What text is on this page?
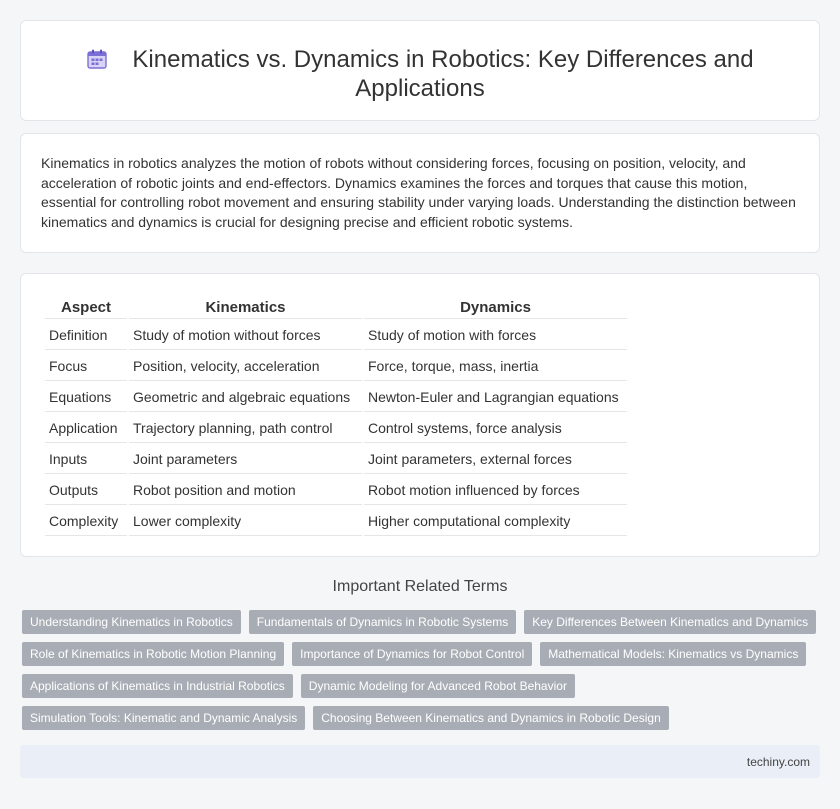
Kinematics vs. Dynamics in Robotics: Key Differences and Applications

Kinematics in robotics analyzes the motion of robots without considering forces, focusing on position, velocity, and acceleration of robotic joints and end-effectors. Dynamics examines the forces and torques that cause this motion, essential for controlling robot movement and ensuring stability under varying loads. Understanding the distinction between kinematics and dynamics is crucial for designing precise and efficient robotic systems.

Aspect	Kinematics	Dynamics
Definition	Study of motion without forces	Study of motion with forces
Focus	Position, velocity, acceleration	Force, torque, mass, inertia
Equations	Geometric and algebraic equations	Newton-Euler and Lagrangian equations
Application	Trajectory planning, path control	Control systems, force analysis
Inputs	Joint parameters	Joint parameters, external forces
Outputs	Robot position and motion	Robot motion influenced by forces
Complexity	Lower complexity	Higher computational complexity
Important Related Terms
Understanding Kinematics in Robotics	Fundamentals of Dynamics in Robotic Systems	Key Differences Between Kinematics and Dynamics
Role of Kinematics in Robotic Motion Planning	Importance of Dynamics for Robot Control	Mathematical Models: Kinematics vs Dynamics
Applications of Kinematics in Industrial Robotics	Dynamic Modeling for Advanced Robot Behavior
Simulation Tools: Kinematic and Dynamic Analysis	Choosing Between Kinematics and Dynamics in Robotic Design
techiny.com
